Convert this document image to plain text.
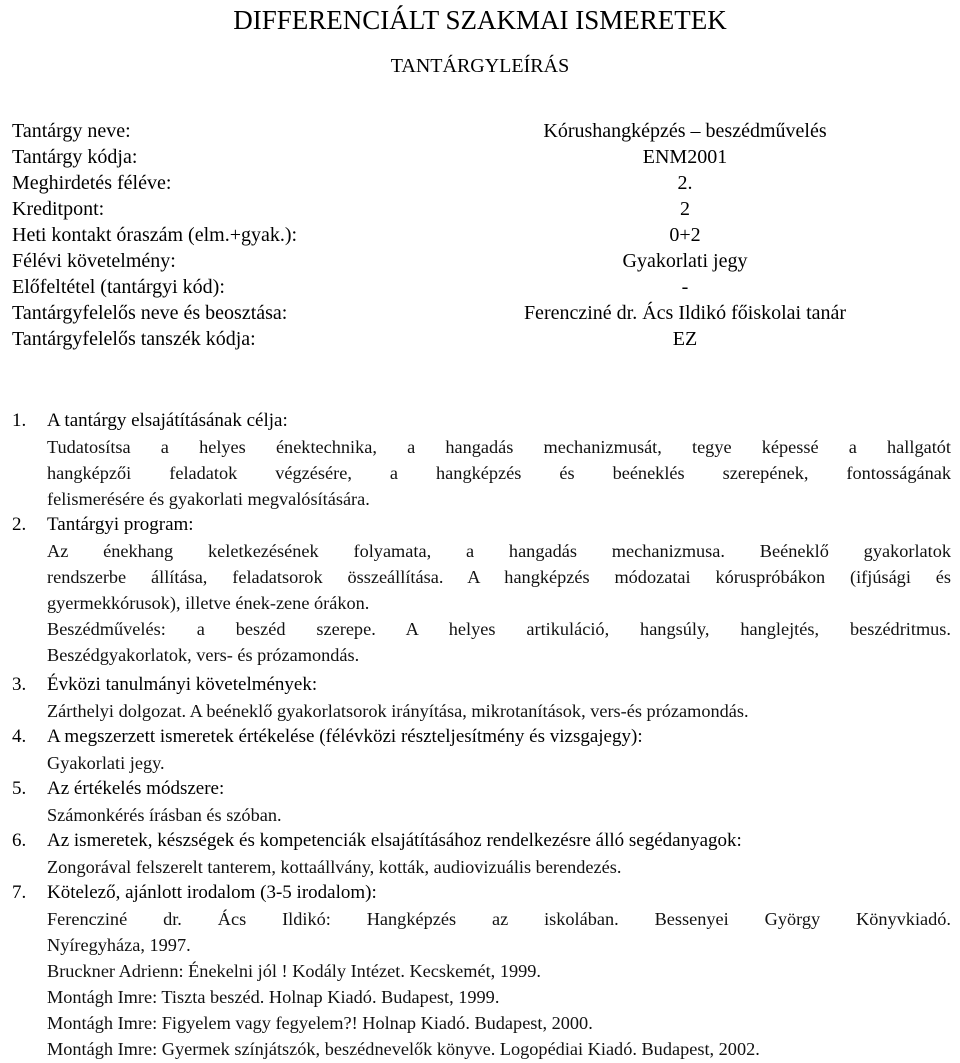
DIFFERENCIÁLT SZAKMAI ISMERETEK
TANTÁRGYLEÍRÁS
Tantárgy neve:	Kórushangképzés – beszédművelés
Tantárgy kódja:	ENM2001
Meghirdetés féléve:	2.
Kreditpont:	2
Heti kontakt óraszám (elm.+gyak.):	0+2
Félévi követelmény:	Gyakorlati jegy
Előfeltétel (tantárgyi kód):	-
Tantárgyfelelős neve és beosztása:	Ferencziné dr. Ács Ildikó főiskolai tanár
Tantárgyfelelős tanszék kódja:	EZ
1. A tantárgy elsajátításának célja:
Tudatosítsa a helyes énektechnika, a hangadás mechanizmusát, tegye képessé a hallgatót
hangképzői feladatok végzésére, a hangképzés és beéneklés szerepének, fontosságának
felismerésére és gyakorlati megvalósítására.
2. Tantárgyi program:
Az énekhang keletkezésének folyamata, a hangadás mechanizmusa. Beéneklő gyakorlatok
rendszerbe állítása, feladatsorok összeállítása. A hangképzés módozatai kóruspróbákon (ifjúsági és
gyermekkórusok), illetve ének-zene órákon.
Beszédművelés: a beszéd szerepe. A helyes artikuláció, hangsúly, hanglejtés, beszédritmus.
Beszédgyakorlatok, vers- és prózamondás.
3. Évközi tanulmányi követelmények:
Zárthelyi dolgozat. A beéneklő gyakorlatsorok irányítása, mikrotanítások, vers-és prózamondás.
4. A megszerzett ismeretek értékelése (félévközi részteljesítmény és vizsgajegy):
Gyakorlati jegy.
5. Az értékelés módszere:
Számonkérés írásban és szóban.
6. Az ismeretek, készségek és kompetenciák elsajátításához rendelkezésre álló segédanyagok:
Zongorával felszerelt tanterem, kottaállvány, kották, audiovizuális berendezés.
7. Kötelező, ajánlott irodalom (3-5 irodalom):
Ferencziné dr. Ács Ildikó: Hangképzés az iskolában. Bessenyei György Könyvkiadó.
Nyíregyháza, 1997.
Bruckner Adrienn: Énekelni jól ! Kodály Intézet. Kecskemét, 1999.
Montágh Imre: Tiszta beszéd. Holnap Kiadó. Budapest, 1999.
Montágh Imre: Figyelem vagy fegyelem?! Holnap Kiadó. Budapest, 2000.
Montágh Imre: Gyermek színjátszók, beszédnevelők könyve. Logopédiai Kiadó. Budapest, 2002.
